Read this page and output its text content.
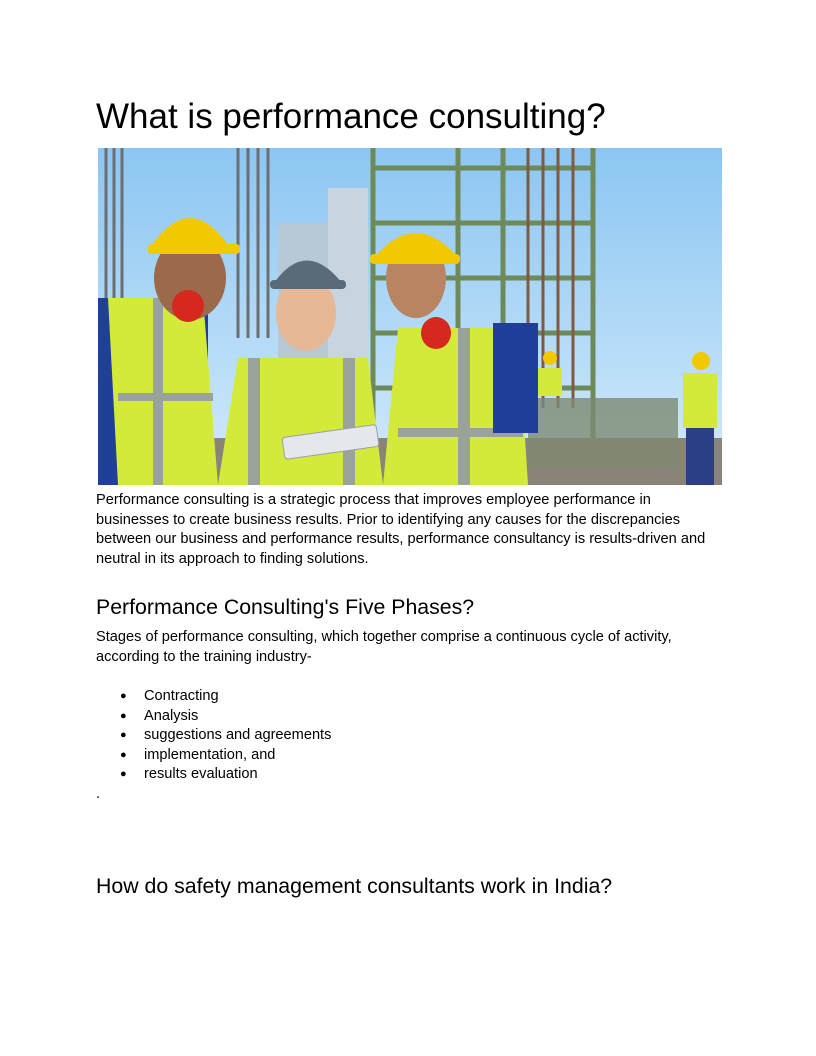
What is performance consulting?

Performance consulting is a strategic process that improves employee performance in businesses to create business results. Prior to identifying any causes for the discrepancies between our business and performance results, performance consultancy is results-driven and neutral in its approach to finding solutions.

Performance Consulting's Five Phases?

Stages of performance consulting, which together comprise a continuous cycle of activity, according to the training industry-

● Contracting
● Analysis
● suggestions and agreements
● implementation, and
● results evaluation

.

How do safety management consultants work in India?
